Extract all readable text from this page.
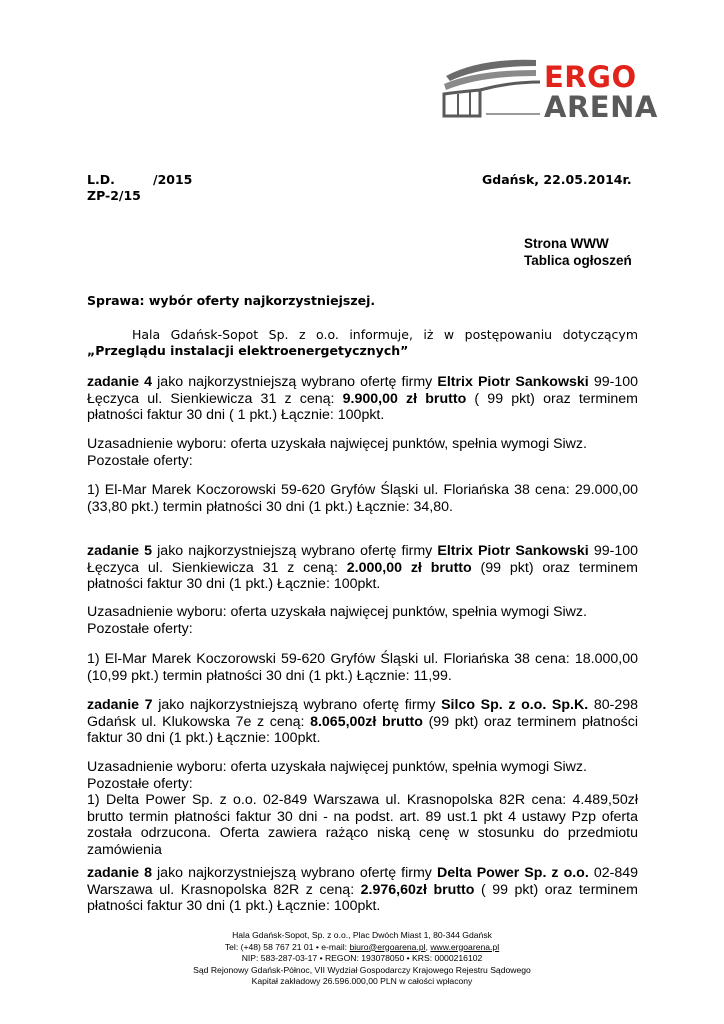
ERGO
ARENA
L.D.	/2015
ZP-2/15
Gdańsk, 22.05.2014r.
Strona WWW
Tablica ogłoszeń
Sprawa: wybór oferty najkorzystniejszej.

Hala Gdańsk-Sopot Sp. z o.o. informuje, iż w postępowaniu dotyczącym

„Przeglądu instalacji elektroenergetycznych”

zadanie 4 jako najkorzystniejszą wybrano ofertę firmy Eltrix Piotr Sankowski 99-100 Łęczyca ul. Sienkiewicza 31 z ceną: 9.900,00 zł brutto ( 99 pkt) oraz terminem płatności faktur 30 dni ( 1 pkt.) Łącznie: 100pkt.

Uzasadnienie wyboru: oferta uzyskała najwięcej punktów, spełnia wymogi Siwz.

Pozostałe oferty:

1) El-Mar Marek Koczorowski 59-620 Gryfów Śląski ul. Floriańska 38 cena: 29.000,00 (33,80 pkt.) termin płatności 30 dni (1 pkt.) Łącznie: 34,80.

zadanie 5 jako najkorzystniejszą wybrano ofertę firmy Eltrix Piotr Sankowski 99-100 Łęczyca ul. Sienkiewicza 31 z ceną: 2.000,00 zł brutto (99 pkt) oraz terminem płatności faktur 30 dni (1 pkt.) Łącznie: 100pkt.

Uzasadnienie wyboru: oferta uzyskała najwięcej punktów, spełnia wymogi Siwz.

Pozostałe oferty:

1) El-Mar Marek Koczorowski 59-620 Gryfów Śląski ul. Floriańska 38 cena: 18.000,00 (10,99 pkt.) termin płatności 30 dni (1 pkt.) Łącznie: 11,99.

zadanie 7 jako najkorzystniejszą wybrano ofertę firmy Silco Sp. z o.o. Sp.K. 80-298 Gdańsk ul. Klukowska 7e z ceną: 8.065,00zł brutto (99 pkt) oraz terminem płatności faktur 30 dni (1 pkt.) Łącznie: 100pkt.

Uzasadnienie wyboru: oferta uzyskała najwięcej punktów, spełnia wymogi Siwz.

Pozostałe oferty:

1) Delta Power Sp. z o.o. 02-849 Warszawa ul. Krasnopolska 82R cena: 4.489,50zł brutto termin płatności faktur 30 dni - na podst. art. 89 ust.1 pkt 4 ustawy Pzp oferta została odrzucona. Oferta zawiera rażąco niską cenę w stosunku do przedmiotu zamówienia

zadanie 8 jako najkorzystniejszą wybrano ofertę firmy Delta Power Sp. z o.o. 02-849 Warszawa ul. Krasnopolska 82R z ceną: 2.976,60zł brutto ( 99 pkt) oraz terminem płatności faktur 30 dni (1 pkt.) Łącznie: 100pkt.

Hala Gdańsk-Sopot, Sp. z o.o., Plac Dwóch Miast 1, 80-344 Gdańsk
Tel: (+48) 58 767 21 01 • e-mail: biuro@ergoarena.pl, www.ergoarena.pl
NIP: 583-287-03-17 • REGON: 193078050 • KRS: 0000216102
Sąd Rejonowy Gdańsk-Północ, VII Wydział Gospodarczy Krajowego Rejestru Sądowego
Kapitał zakładowy 26.596.000,00 PLN w całości wpłacony
